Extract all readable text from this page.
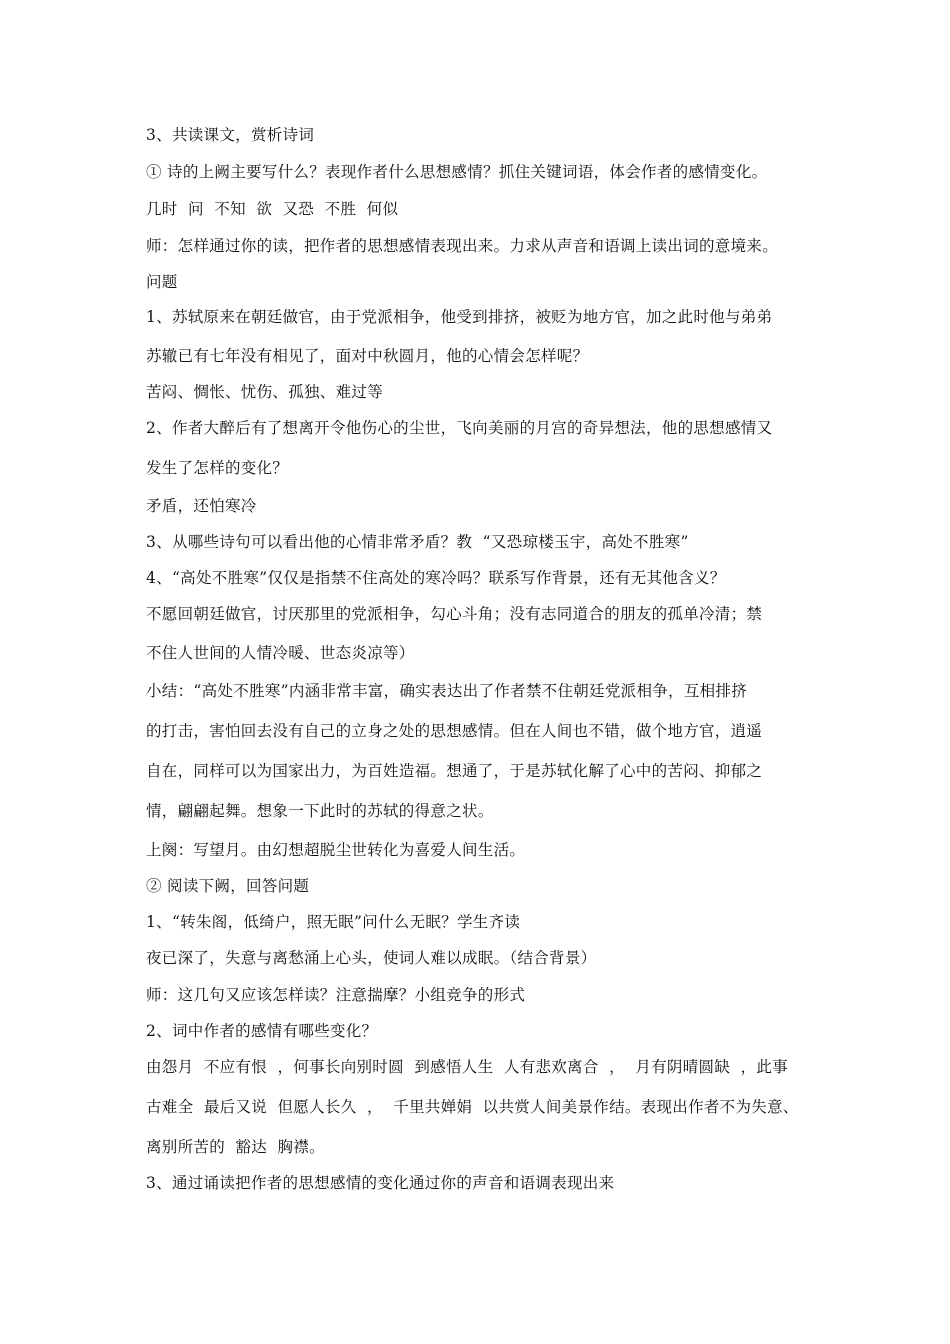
3、共读课文，赏析诗词
① 诗的上阙主要写什么？表现作者什么思想感情？抓住关键词语，体会作者的感情变化。
几时  问  不知  欲  又恐  不胜  何似
师：怎样通过你的读，把作者的思想感情表现出来。力求从声音和语调上读出词的意境来。
问题
1、苏轼原来在朝廷做官，由于党派相争，他受到排挤，被贬为地方官，加之此时他与弟弟
苏辙已有七年没有相见了，面对中秋圆月，他的心情会怎样呢？
苦闷、惆怅、忧伤、孤独、难过等
2、作者大醉后有了想离开令他伤心的尘世，飞向美丽的月宫的奇异想法，他的思想感情又
发生了怎样的变化？
矛盾，还怕寒冷
3、从哪些诗句可以看出他的心情非常矛盾？教  “又恐琼楼玉宇，高处不胜寒”
4、“高处不胜寒”仅仅是指禁不住高处的寒冷吗？联系写作背景，还有无其他含义？
不愿回朝廷做官，讨厌那里的党派相争，勾心斗角；没有志同道合的朋友的孤单冷清；禁
不住人世间的人情冷暖、世态炎凉等）
小结：“高处不胜寒”内涵非常丰富，确实表达出了作者禁不住朝廷党派相争，互相排挤
的打击，害怕回去没有自己的立身之处的思想感情。但在人间也不错，做个地方官，逍遥
自在，同样可以为国家出力，为百姓造福。想通了，于是苏轼化解了心中的苦闷、抑郁之
情，翩翩起舞。想象一下此时的苏轼的得意之状。
上阕：写望月。由幻想超脱尘世转化为喜爱人间生活。
② 阅读下阙，回答问题
1、“转朱阁，低绮户，照无眠”问什么无眠？学生齐读
夜已深了，失意与离愁涌上心头，使词人难以成眠。（结合背景）
师：这几句又应该怎样读？注意揣摩？小组竞争的形式
2、词中作者的感情有哪些变化？
由怨月  不应有恨  ，何事长向别时圆  到感悟人生  人有悲欢离合  ，  月有阴晴圆缺  ，此事
古难全  最后又说  但愿人长久  ，  千里共婵娟  以共赏人间美景作结。表现出作者不为失意、
离别所苦的  豁达  胸襟。
3、通过诵读把作者的思想感情的变化通过你的声音和语调表现出来
